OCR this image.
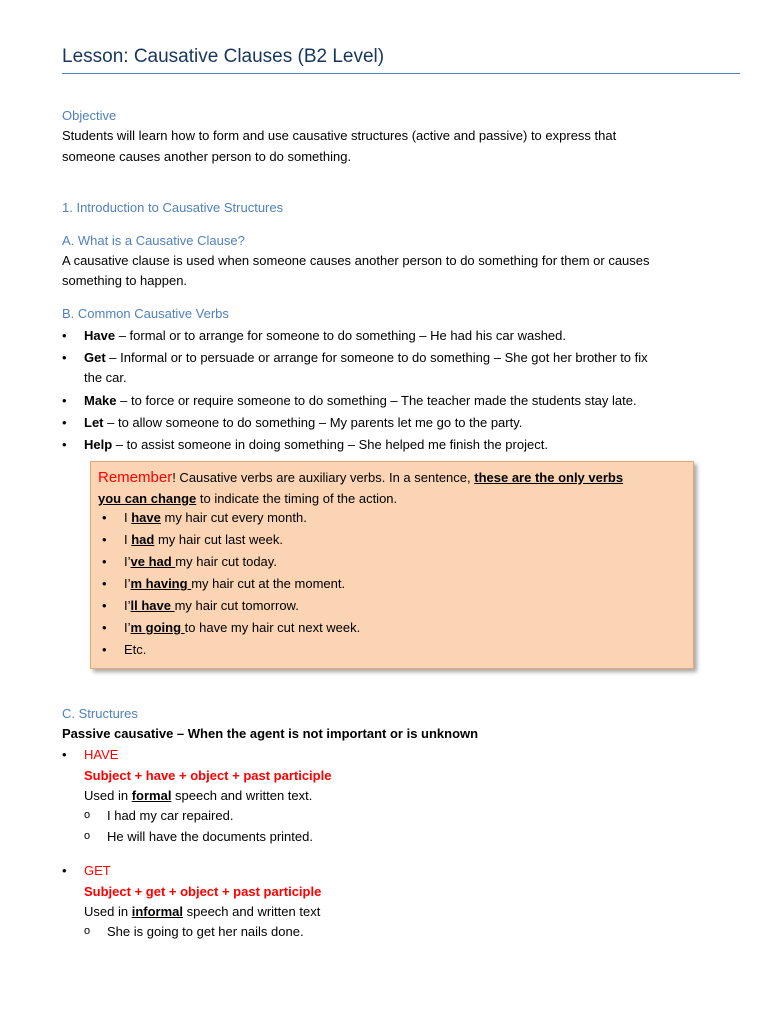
Lesson: Causative Clauses (B2 Level)
Objective
Students will learn how to form and use causative structures (active and passive) to express that
someone causes another person to do something.
1. Introduction to Causative Structures
A. What is a Causative Clause?
A causative clause is used when someone causes another person to do something for them or causes
something to happen.
B. Common Causative Verbs
• Have – formal or to arrange for someone to do something – He had his car washed.
• Get – Informal or to persuade or arrange for someone to do something – She got her brother to fix
the car.
• Make – to force or require someone to do something – The teacher made the students stay late.
• Let – to allow someone to do something – My parents let me go to the party.
• Help – to assist someone in doing something – She helped me finish the project.
Remember! Causative verbs are auxiliary verbs. In a sentence, these are the only verbs
you can change to indicate the timing of the action.
• I have my hair cut every month.
• I had my hair cut last week.
• I’ve had my hair cut today.
• I’m having my hair cut at the moment.
• I’ll have my hair cut tomorrow.
• I’m going to have my hair cut next week.
• Etc.
C. Structures
Passive causative – When the agent is not important or is unknown
• HAVE
Subject + have + object + past participle
Used in formal speech and written text.
o I had my car repaired.
o He will have the documents printed.
• GET
Subject + get + object + past participle
Used in informal speech and written text
o She is going to get her nails done.
